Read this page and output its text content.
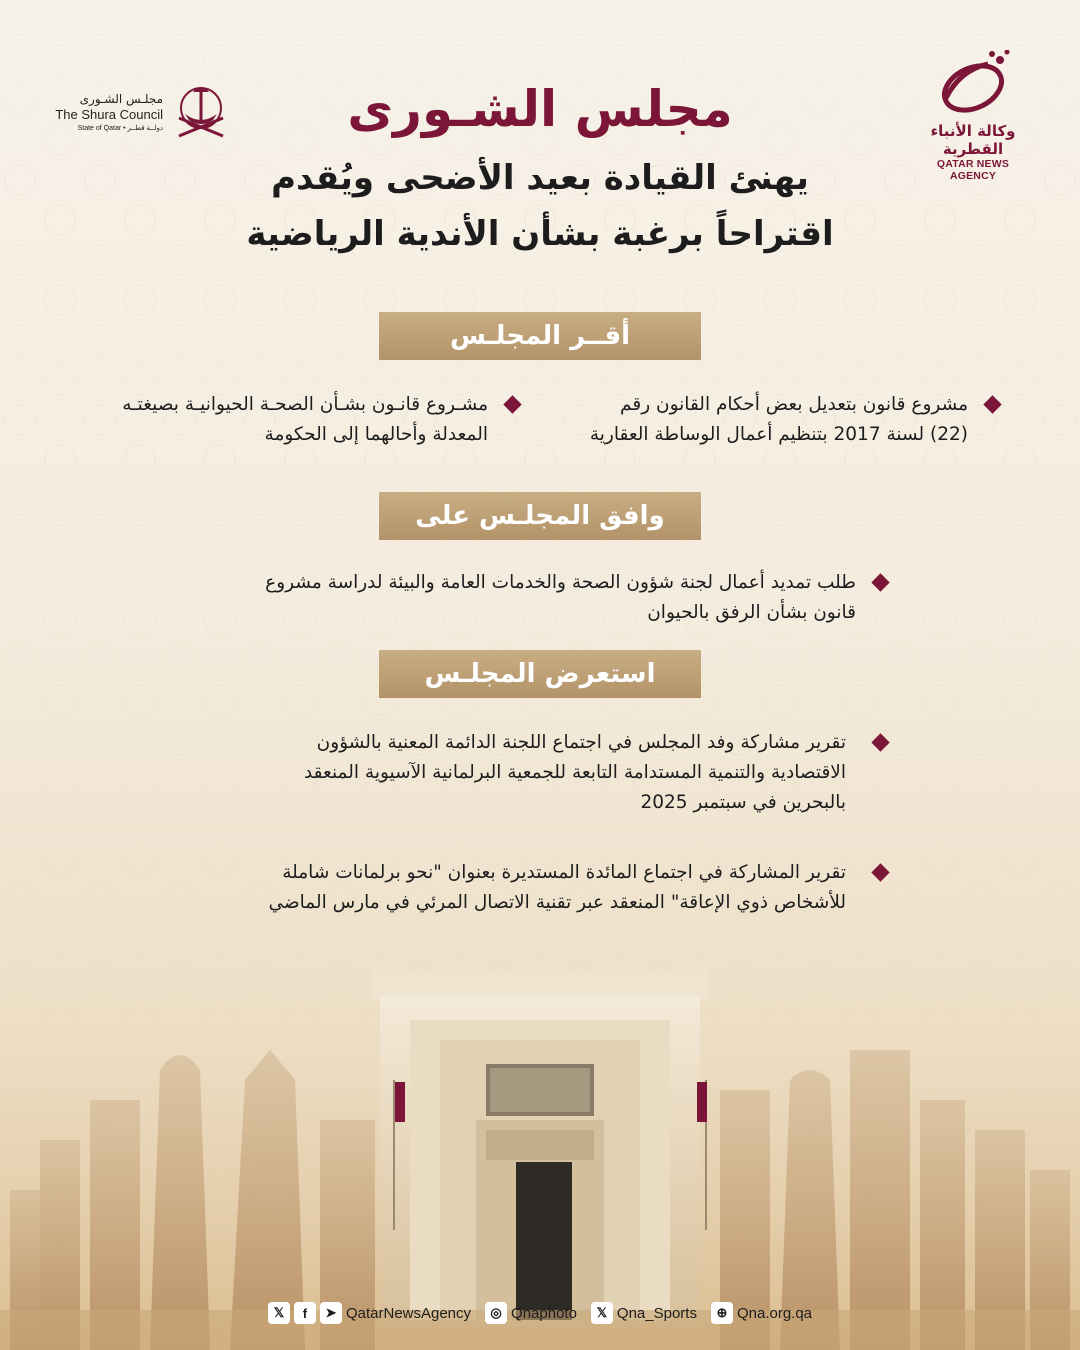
وكالة الأنباء القطرية
QATAR NEWS AGENCY
مجلـس الشـورى
The Shura Council
State of Qatar • دولــة قطــر	مجلس الشـورى
يهنئ القيادة بعيد الأضحى ويُقدم
اقتراحاً برغبة بشأن الأندية الرياضية
أقــر المجلـس
مشروع قانون بتعديل بعض أحكام القانون رقم
(22) لسنة 2017 بتنظيم أعمال الوساطة العقارية
مشـروع قانـون بشـأن الصحـة الحيوانيـة بصيغتـه
المعدلة وأحالهما إلى الحكومة
وافق المجلـس على
طلب تمديد أعمال لجنة شؤون الصحة والخدمات العامة والبيئة لدراسة مشروع
قانون بشأن الرفق بالحيوان
استعرض المجلـس
تقرير مشاركة وفد المجلس في اجتماع اللجنة الدائمة المعنية بالشؤون
الاقتصادية والتنمية المستدامة التابعة للجمعية البرلمانية الآسيوية المنعقد
بالبحرين في سبتمبر 2025
تقرير المشاركة في اجتماع المائدة المستديرة بعنوان "نحو برلمانات شاملة
للأشخاص ذوي الإعاقة" المنعقد عبر تقنية الاتصال المرئي في مارس الماضي
𝕏	f	➤ QatarNewsAgency	◎ Qnaphoto	𝕏 Qna_Sports	⊕ Qna.org.qa
